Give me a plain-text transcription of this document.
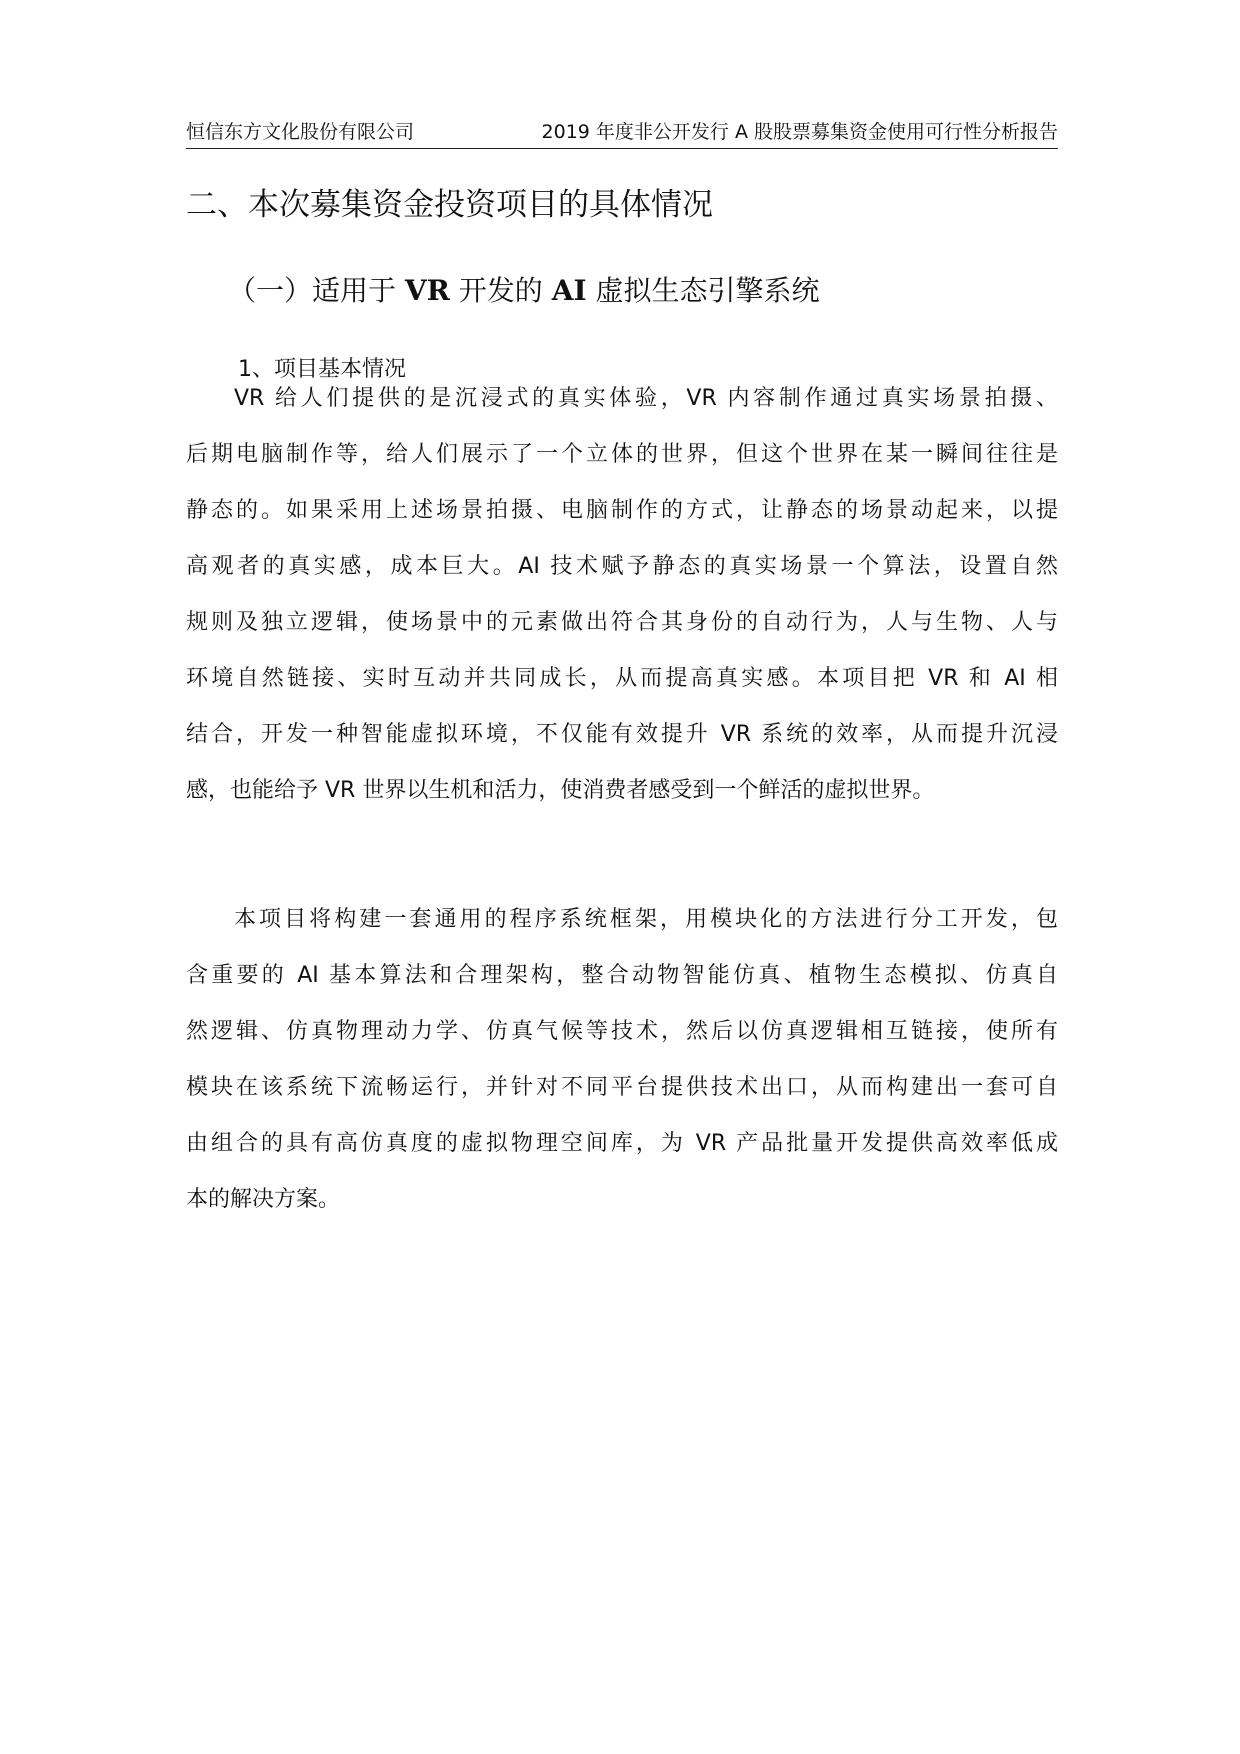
恒信东方文化股份有限公司	2019 年度非公开发行 A 股股票募集资金使用可行性分析报告
二、本次募集资金投资项目的具体情况
（一）适用于 VR 开发的 AI 虚拟生态引擎系统
1、项目基本情况
VR 给人们提供的是沉浸式的真实体验，VR 内容制作通过真实场景拍摄、
后期电脑制作等，给人们展示了一个立体的世界，但这个世界在某一瞬间往往是
静态的。如果采用上述场景拍摄、电脑制作的方式，让静态的场景动起来，以提
高观者的真实感，成本巨大。AI 技术赋予静态的真实场景一个算法，设置自然
规则及独立逻辑，使场景中的元素做出符合其身份的自动行为，人与生物、人与
环境自然链接、实时互动并共同成长，从而提高真实感。本项目把 VR 和 AI 相
结合，开发一种智能虚拟环境，不仅能有效提升 VR 系统的效率，从而提升沉浸
感，也能给予 VR 世界以生机和活力，使消费者感受到一个鲜活的虚拟世界。
本项目将构建一套通用的程序系统框架，用模块化的方法进行分工开发，包
含重要的 AI 基本算法和合理架构，整合动物智能仿真、植物生态模拟、仿真自
然逻辑、仿真物理动力学、仿真气候等技术，然后以仿真逻辑相互链接，使所有
模块在该系统下流畅运行，并针对不同平台提供技术出口，从而构建出一套可自
由组合的具有高仿真度的虚拟物理空间库，为 VR 产品批量开发提供高效率低成
本的解决方案。
